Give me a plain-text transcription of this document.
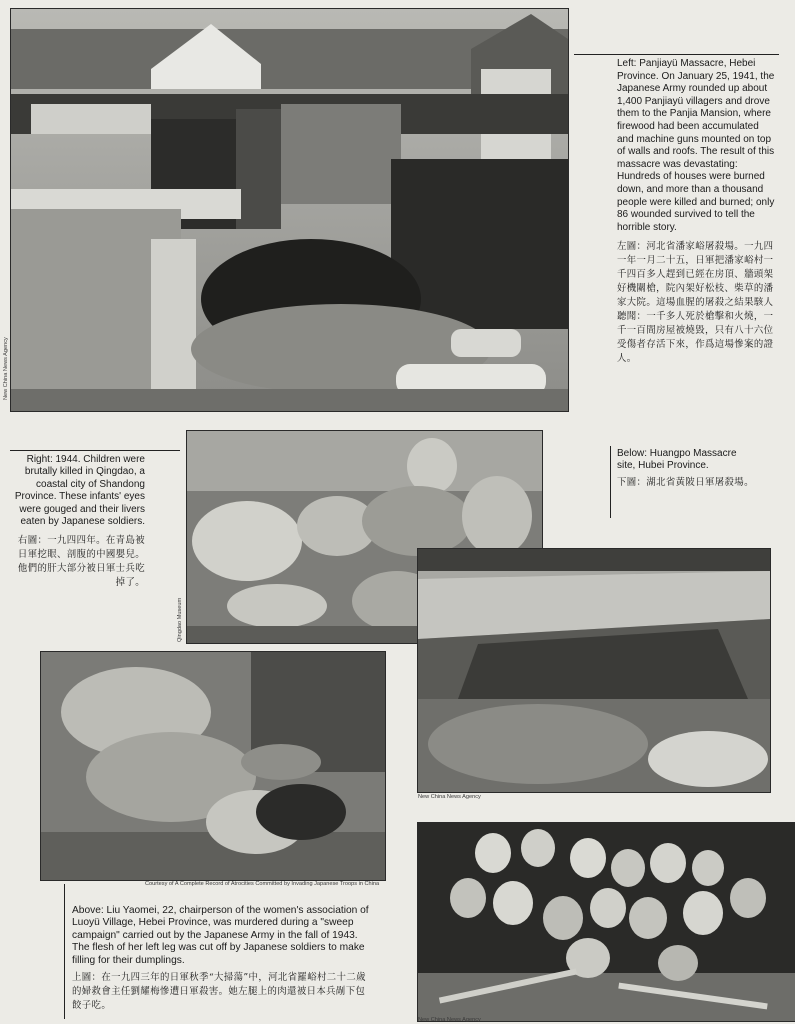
New China News Agency
Left: Panjiayü Massacre, Hebei Province. On January 25, 1941, the Japanese Army rounded up about 1,400 Panjiayü villagers and drove them to the Panjia Mansion, where firewood had been accumulated and machine guns mounted on top of walls and roofs. The result of this massacre was devastating: Hundreds of houses were burned down, and more than a thousand people were killed and burned; only 86 wounded survived to tell the horrible story.
左圖：河北省潘家峪屠殺場。一九四一年一月二十五，日軍把潘家峪村一千四百多人趕到已經在房頂、牆頭架好機關槍，院內架好松枝、柴草的潘家大院。這場血腥的屠殺之結果駭人聽聞：一千多人死於槍擊和火燒，一千一百間房屋被燒毀，只有八十六位受傷者存活下來，作爲這場慘案的證人。
Right: 1944. Children were brutally killed in Qingdao, a coastal city of Shandong Province. These infants' eyes were gouged and their livers eaten by Japanese soldiers.
右圖：一九四四年。在青島被日軍挖眼、剖腹的中國嬰兒。他們的肝大部分被日軍士兵吃掉了。
Qingdao Museum
Below: Huangpo Massacre site, Hubei Province.
下圖：湖北省黃陂日軍屠殺場。
New China News Agency
Courtesy of A Complete Record of Atrocities Committed by Invading Japanese Troops in China
Above: Liu Yaomei, 22, chairperson of the women's association of Luoyü Village, Hebei Province, was murdered during a "sweep campaign" carried out by the Japanese Army in the fall of 1943. The flesh of her left leg was cut off by Japanese soldiers to make filling for their dumplings.
上圖：在一九四三年的日軍秋季“大掃蕩”中，河北省羅峪村二十二歲的婦救會主任劉耀梅慘遭日軍殺害。她左腿上的肉還被日本兵剮下包餃子吃。
New China News Agency
